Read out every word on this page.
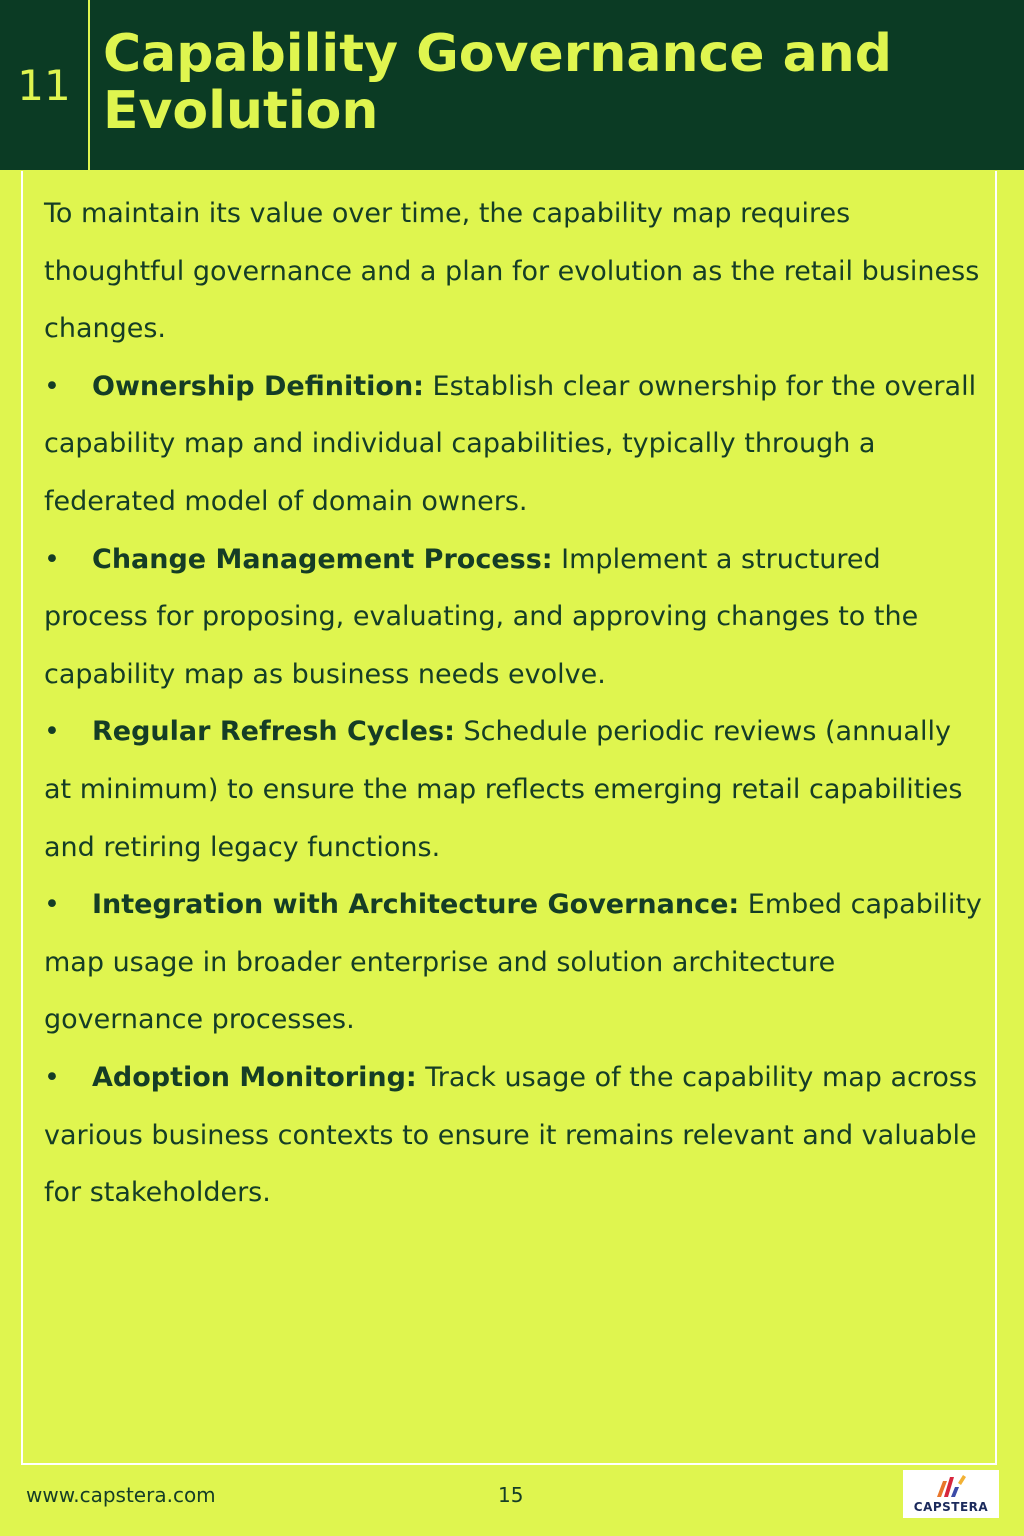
11
Capability Governance and Evolution

To maintain its value over time, the capability map requires thoughtful governance and a plan for evolution as the retail business changes.

• Ownership Definition: Establish clear ownership for the overall capability map and individual capabilities, typically through a federated model of domain owners.

• Change Management Process: Implement a structured process for proposing, evaluating, and approving changes to the capability map as business needs evolve.

• Regular Refresh Cycles: Schedule periodic reviews (annually at minimum) to ensure the map reflects emerging retail capabilities and retiring legacy functions.

• Integration with Architecture Governance: Embed capability map usage in broader enterprise and solution architecture governance processes.

• Adoption Monitoring: Track usage of the capability map across various business contexts to ensure it remains relevant and valuable for stakeholders.

www.capstera.com	15	CAPSTERA
